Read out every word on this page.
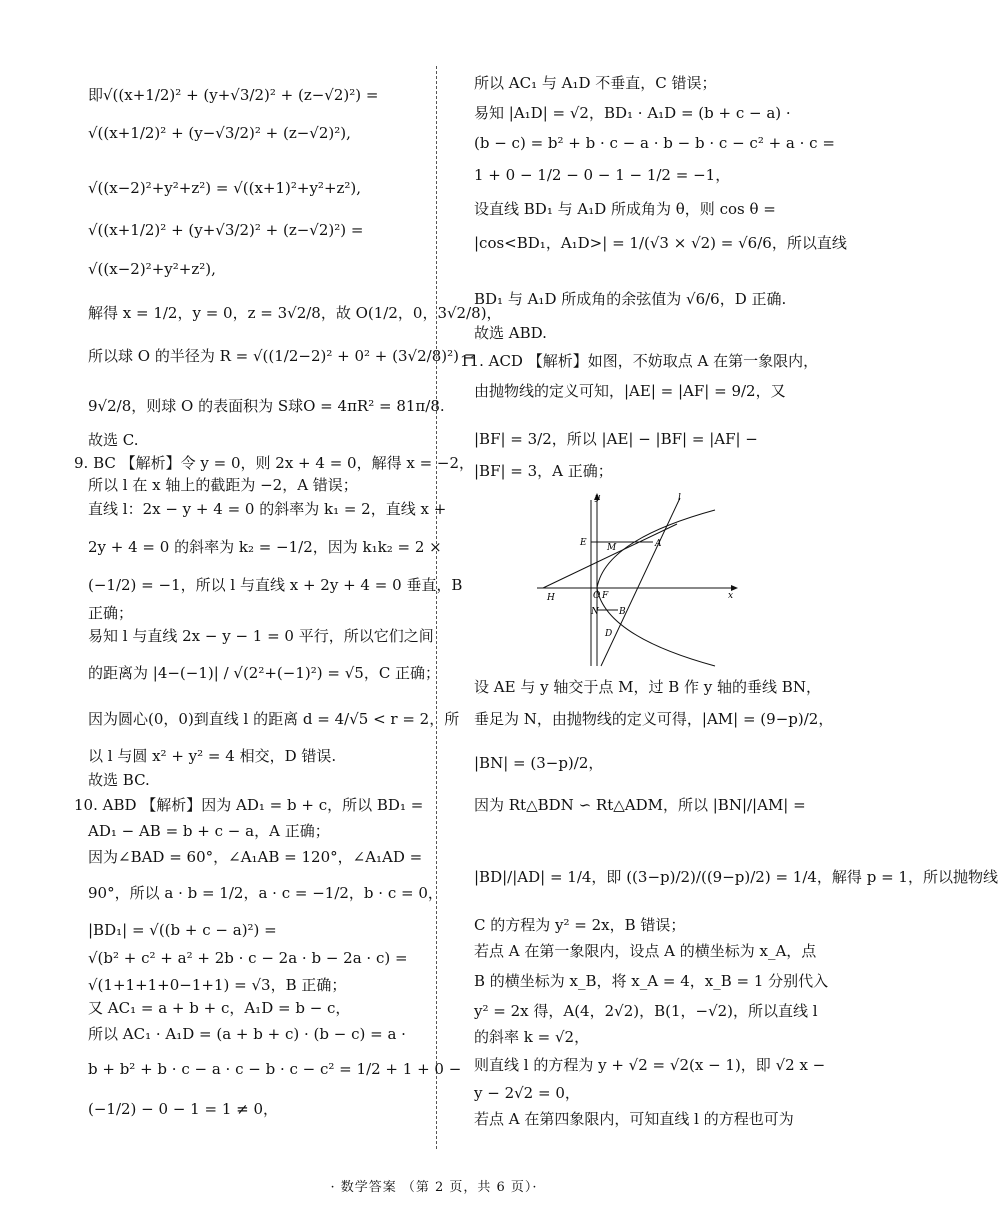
即√((x+1/2)² + (y+√3/2)² + (z−√2)²) =
√((x+1/2)² + (y−√3/2)² + (z−√2)²),
√((x−2)²+y²+z²) = √((x+1)²+y²+z²),
√((x+1/2)² + (y+√3/2)² + (z−√2)²) =
√((x−2)²+y²+z²),
解得 x = 1/2，y = 0，z = 3√2/8，故 O(1/2，0，3√2/8)，
所以球 O 的半径为 R = √((1/2−2)² + 0² + (3√2/8)²) =
9√2/8，则球 O 的表面积为 S球O = 4πR² = 81π/8.
故选 C.
9. BC 【解析】令 y = 0，则 2x + 4 = 0，解得 x = −2，
所以 l 在 x 轴上的截距为 −2，A 错误；
直线 l：2x − y + 4 = 0 的斜率为 k₁ = 2，直线 x +
2y + 4 = 0 的斜率为 k₂ = −1/2，因为 k₁k₂ = 2 ×
(−1/2) = −1，所以 l 与直线 x + 2y + 4 = 0 垂直，B
正确；
易知 l 与直线 2x − y − 1 = 0 平行，所以它们之间
的距离为 |4−(−1)| / √(2²+(−1)²) = √5，C 正确；
因为圆心(0，0)到直线 l 的距离 d = 4/√5 < r = 2，所
以 l 与圆 x² + y² = 4 相交，D 错误.
故选 BC.
10. ABD 【解析】因为 AD₁ = b + c，所以 BD₁ =
AD₁ − AB = b + c − a，A 正确；
因为∠BAD = 60°，∠A₁AB = 120°，∠A₁AD =
90°，所以 a · b = 1/2，a · c = −1/2，b · c = 0，
|BD₁| = √((b + c − a)²) =
√(b² + c² + a² + 2b · c − 2a · b − 2a · c) =
√(1+1+1+0−1+1) = √3，B 正确；
又 AC₁ = a + b + c，A₁D = b − c，
所以 AC₁ · A₁D = (a + b + c) · (b − c) = a ·
b + b² + b · c − a · c − b · c − c² = 1/2 + 1 + 0 −
(−1/2) − 0 − 1 = 1 ≠ 0，
所以 AC₁ 与 A₁D 不垂直，C 错误；
易知 |A₁D| = √2，BD₁ · A₁D = (b + c − a) ·
(b − c) = b² + b · c − a · b − b · c − c² + a · c =
1 + 0 − 1/2 − 0 − 1 − 1/2 = −1，
设直线 BD₁ 与 A₁D 所成角为 θ，则 cos θ =
|cos<BD₁，A₁D>| = 1/(√3 × √2) = √6/6，所以直线
BD₁ 与 A₁D 所成角的余弦值为 √6/6，D 正确.
故选 ABD.
11. ACD 【解析】如图，不妨取点 A 在第一象限内，
由抛物线的定义可知，|AE| = |AF| = 9/2，又
|BF| = 3/2，所以 |AE| − |BF| = |AF| −
|BF| = 3，A 正确；
设 AE 与 y 轴交于点 M，过 B 作 y 轴的垂线 BN，
垂足为 N，由抛物线的定义可得，|AM| = (9−p)/2，
|BN| = (3−p)/2，
因为 Rt△BDN ∽ Rt△ADM，所以 |BN|/|AM| =
|BD|/|AD| = 1/4，即 ((3−p)/2)/((9−p)/2) = 1/4，解得 p = 1，所以抛物线
C 的方程为 y² = 2x，B 错误；
若点 A 在第一象限内，设点 A 的横坐标为 x_A，点
B 的横坐标为 x_B，将 x_A = 4，x_B = 1 分别代入
y² = 2x 得，A(4，2√2)，B(1，−√2)，所以直线 l
的斜率 k = √2，
则直线 l 的方程为 y + √2 = √2(x − 1)，即 √2 x −
y − 2√2 = 0，
若点 A 在第四象限内，可知直线 l 的方程也可为
y	l
E M	A
H	O F	x
N B
D
· 数学答案 （第 2 页，共 6 页）·
